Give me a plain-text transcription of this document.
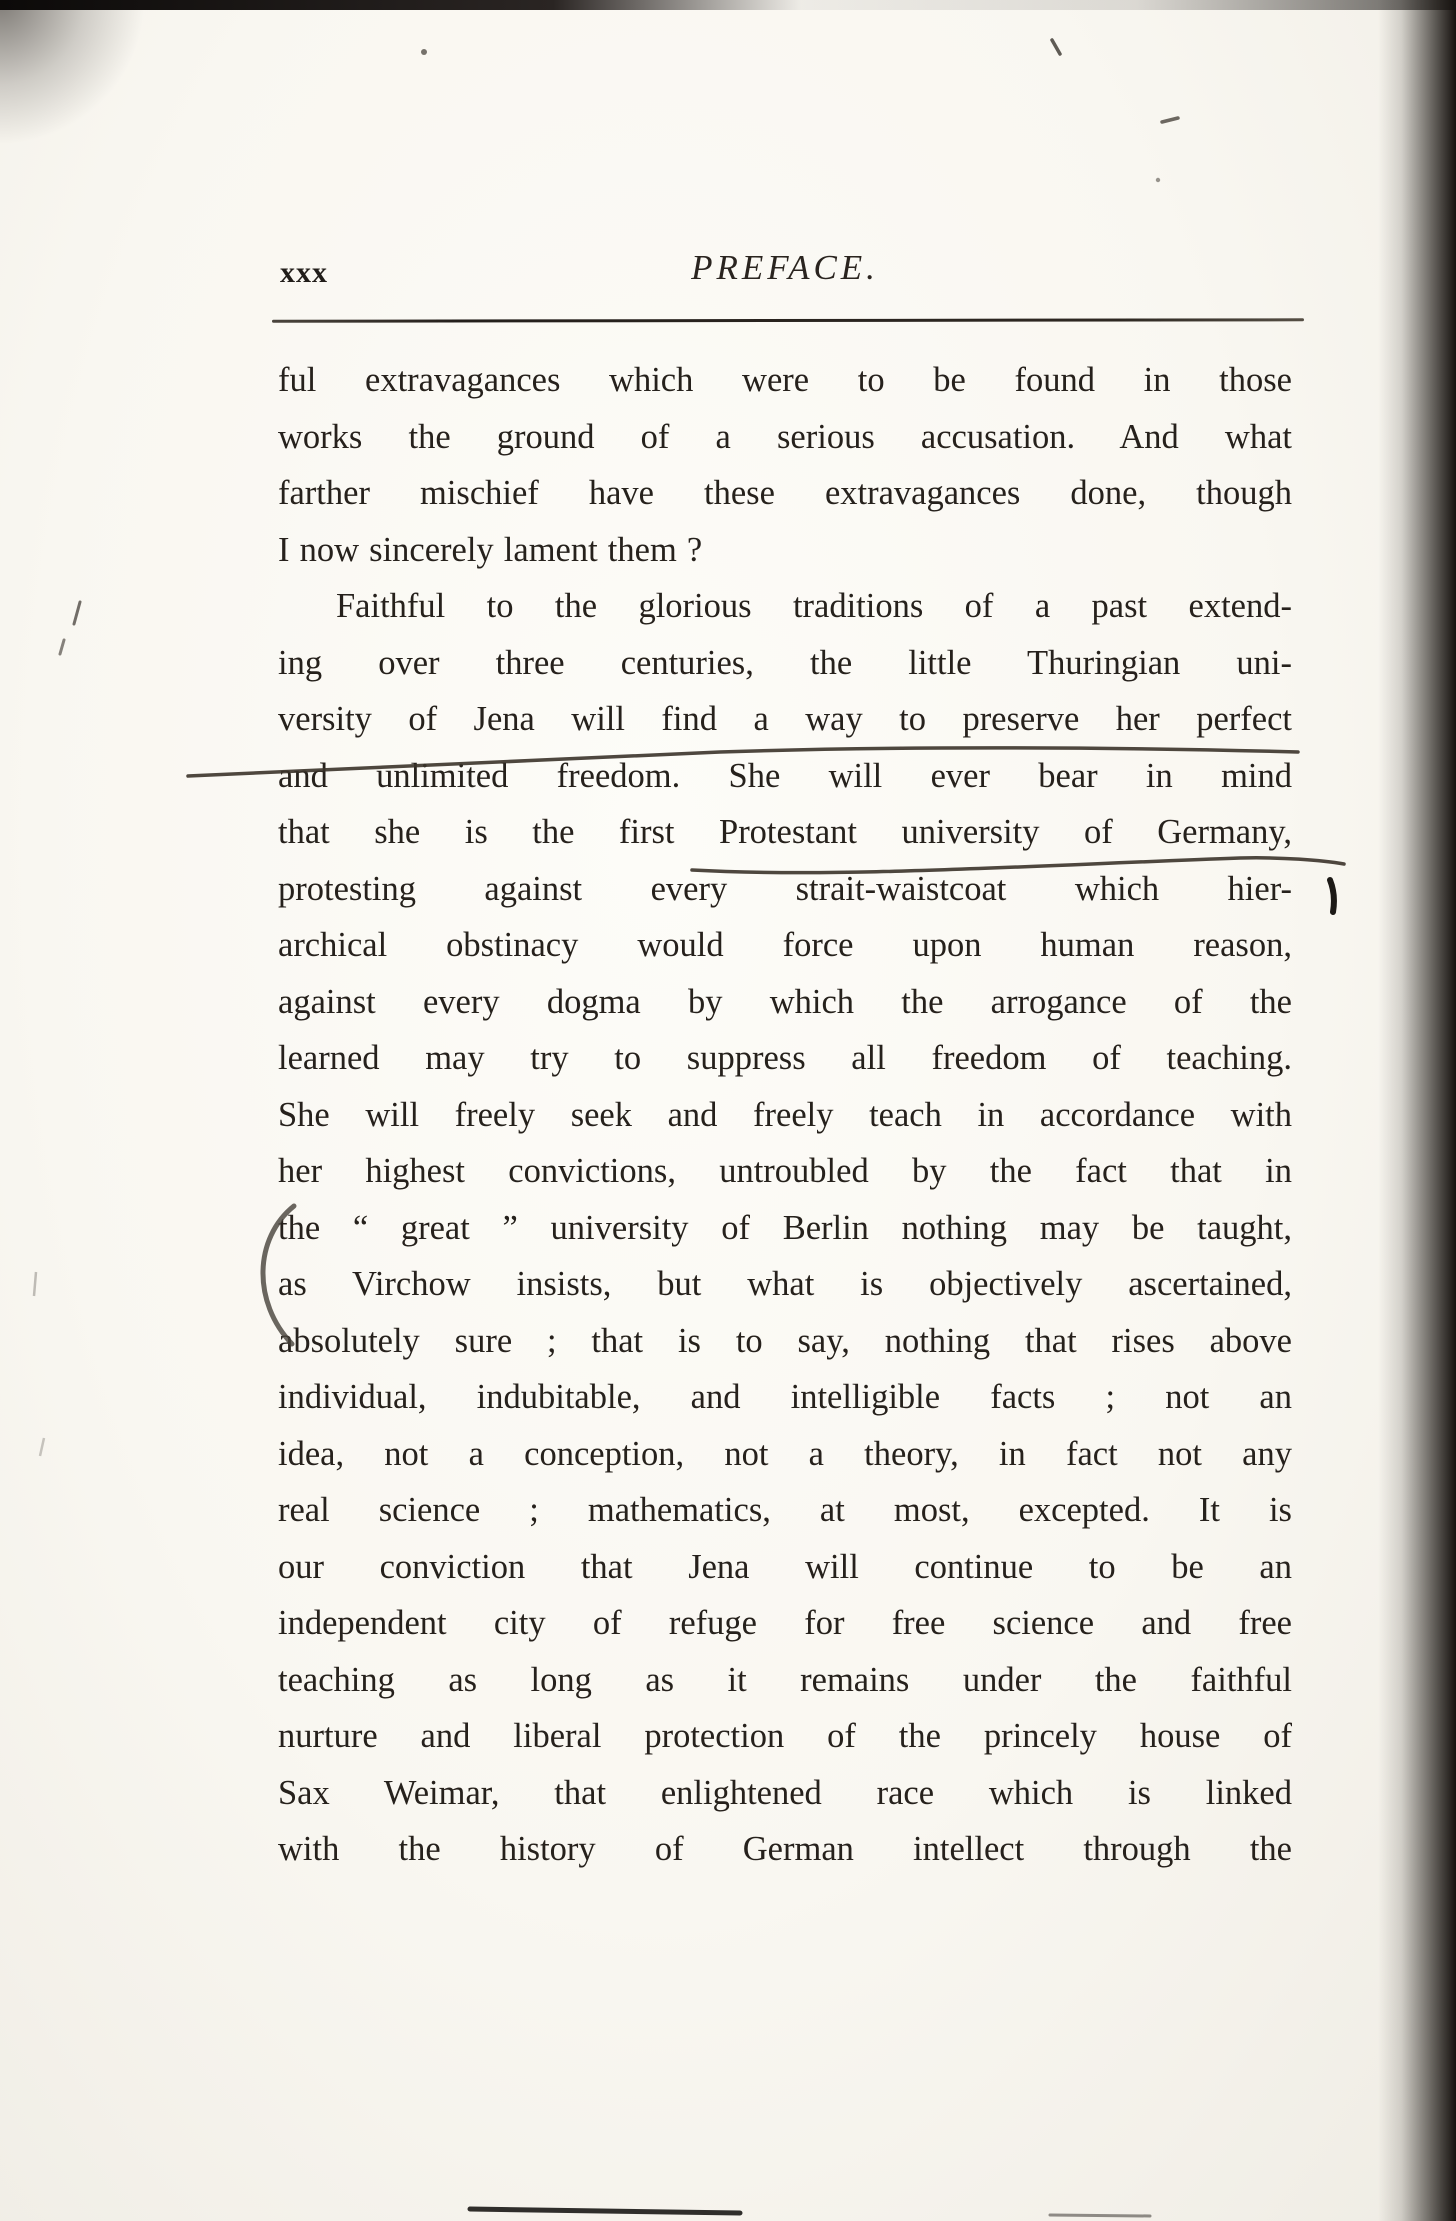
xxx	PREFACE.
ful extravagances which were to be found in those
works the ground of a serious accusation. And what
farther mischief have these extravagances done, though
I now sincerely lament them ?
Faithful to the glorious traditions of a past extend-
ing over three centuries, the little Thuringian uni-
versity of Jena will find a way to preserve her perfect
and unlimited freedom. She will ever bear in mind
that she is the first Protestant university of Germany,
protesting against every strait-waistcoat which hier-
archical obstinacy would force upon human reason,
against every dogma by which the arrogance of the
learned may try to suppress all freedom of teaching.
She will freely seek and freely teach in accordance with
her highest convictions, untroubled by the fact that in
the “ great ” university of Berlin nothing may be taught,
as Virchow insists, but what is objectively ascertained,
absolutely sure ; that is to say, nothing that rises above
individual, indubitable, and intelligible facts ; not an
idea, not a conception, not a theory, in fact not any
real science ; mathematics, at most, excepted. It is
our conviction that Jena will continue to be an
independent city of refuge for free science and free
teaching as long as it remains under the faithful
nurture and liberal protection of the princely house of
Sax Weimar, that enlightened race which is linked
with the history of German intellect through the
